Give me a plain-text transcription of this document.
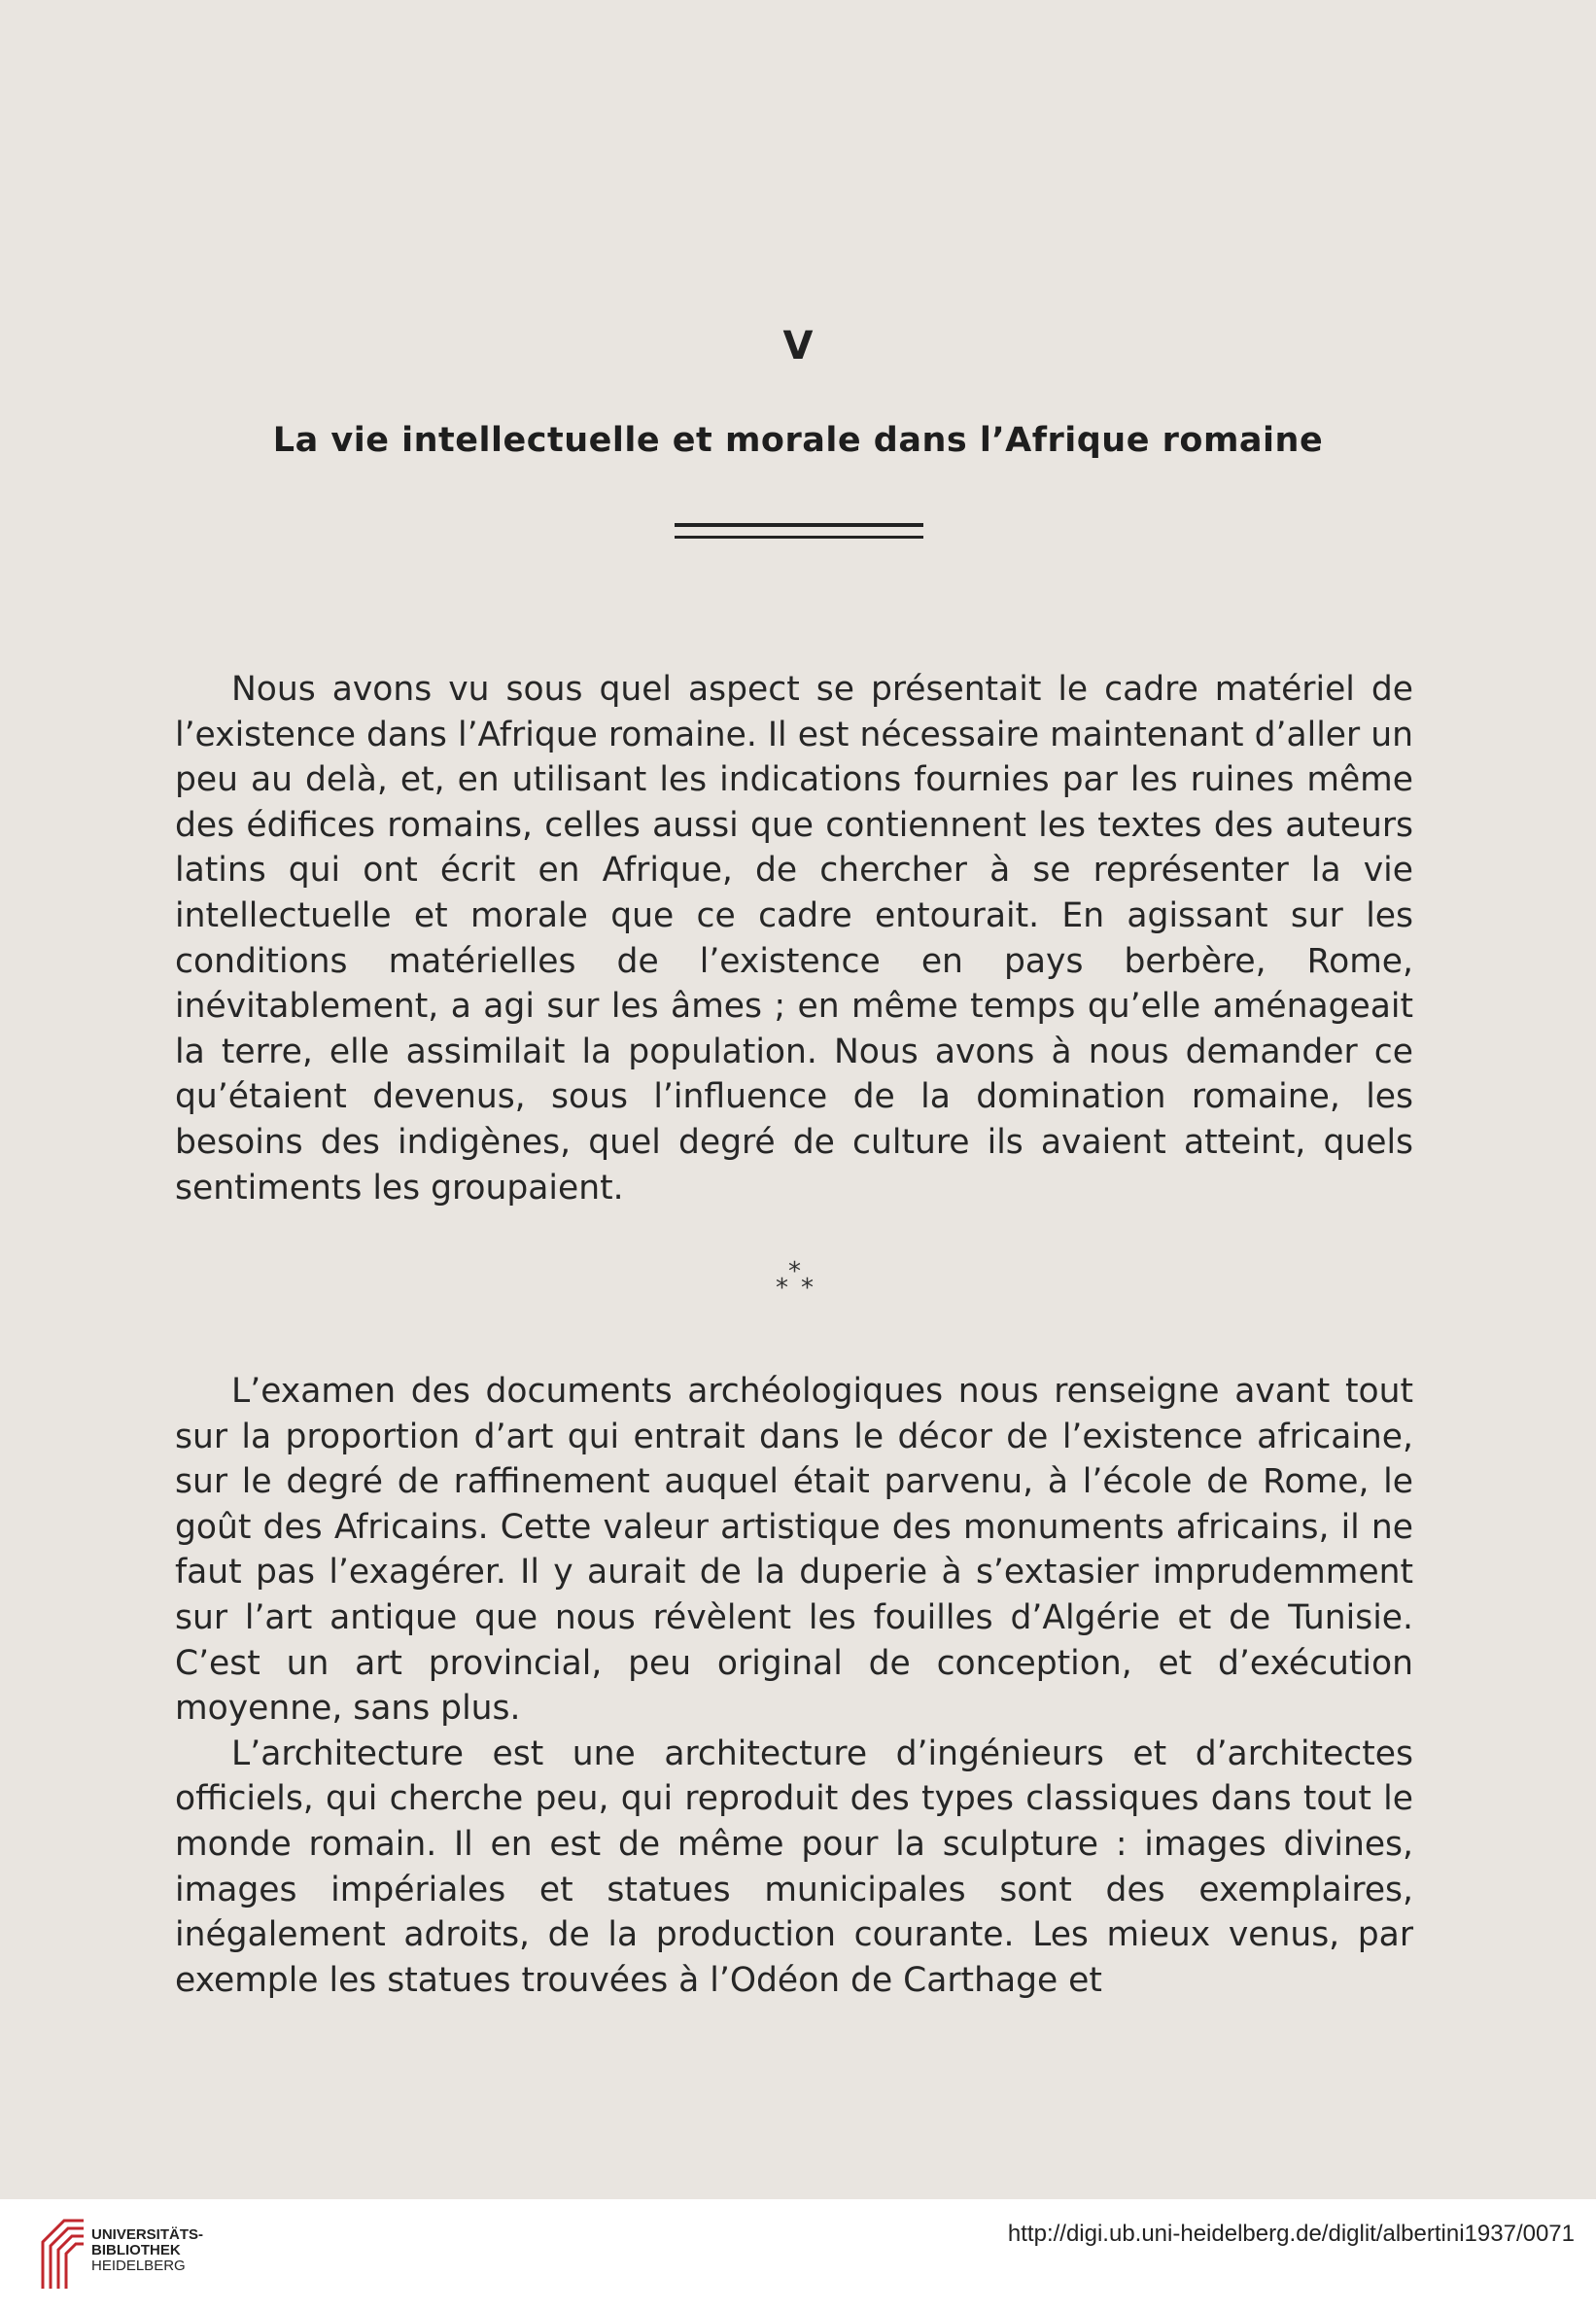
V
La vie intellectuelle et morale dans l’Afrique romaine

Nous avons vu sous quel aspect se présentait le cadre matériel de l’existence dans l’Afrique romaine. Il est nécessaire maintenant d’aller un peu au delà, et, en utilisant les indications fournies par les ruines même des édifices romains, celles aussi que contiennent les textes des auteurs latins qui ont écrit en Afrique, de chercher à se représenter la vie intellectuelle et morale que ce cadre entourait. En agissant sur les conditions matérielles de l’existence en pays berbère, Rome, inévitablement, a agi sur les âmes ; en même temps qu’elle aménageait la terre, elle assimilait la population. Nous avons à nous demander ce qu’étaient devenus, sous l’influence de la domination romaine, les besoins des indigènes, quel degré de culture ils avaient atteint, quels sentiments les groupaient.

*
* *

L’examen des documents archéologiques nous renseigne avant tout sur la proportion d’art qui entrait dans le décor de l’existence africaine, sur le degré de raffinement auquel était parvenu, à l’école de Rome, le goût des Africains. Cette valeur artistique des monuments africains, il ne faut pas l’exagérer. Il y aurait de la duperie à s’extasier imprudemment sur l’art antique que nous révèlent les fouilles d’Algérie et de Tunisie. C’est un art provincial, peu original de conception, et d’exécution moyenne, sans plus.

L’architecture est une architecture d’ingénieurs et d’architectes officiels, qui cherche peu, qui reproduit des types classiques dans tout le monde romain. Il en est de même pour la sculpture : images divines, images impériales et statues municipales sont des exemplaires, inégalement adroits, de la production courante. Les mieux venus, par exemple les statues trouvées à l’Odéon de Carthage et

UNIVERSITÄTS-
BIBLIOTHEK
HEIDELBERG
http://digi.ub.uni-heidelberg.de/diglit/albertini1937/0071
